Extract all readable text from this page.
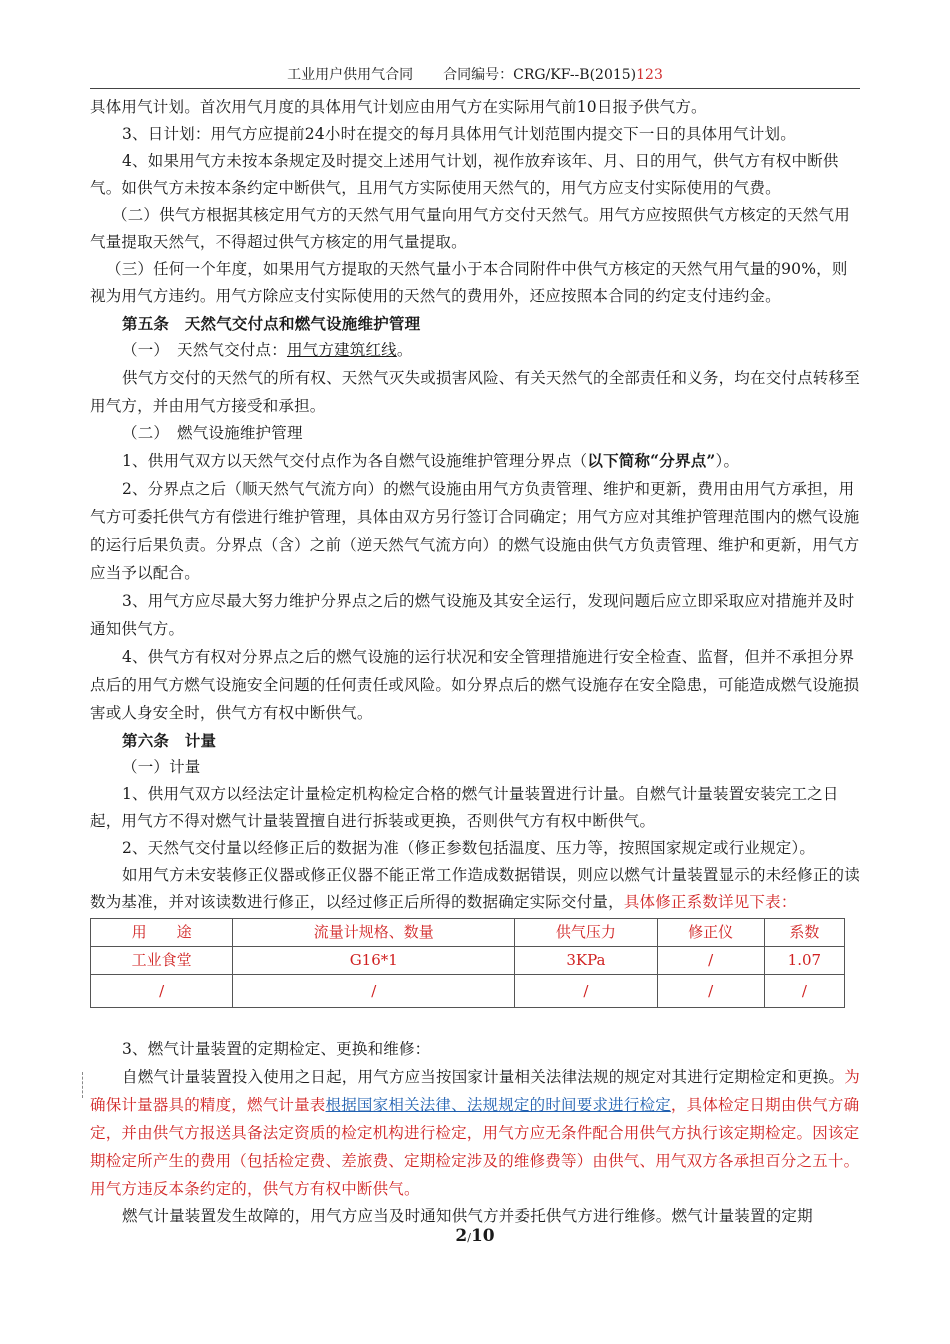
工业用户供用气合同 合同编号：CRG/KF--B(2015)123

具体用气计划。首次用气月度的具体用气计划应由用气方在实际用气前10日报予供气方。

3、日计划：用气方应提前24小时在提交的每月具体用气计划范围内提交下一日的具体用气计划。

4、如果用气方未按本条规定及时提交上述用气计划，视作放弃该年、月、日的用气，供气方有权中断供气。如供气方未按本条约定中断供气，且用气方实际使用天然气的，用气方应支付实际使用的气费。

（二）供气方根据其核定用气方的天然气用气量向用气方交付天然气。用气方应按照供气方核定的天然气用气量提取天然气，不得超过供气方核定的用气量提取。

（三）任何一个年度，如果用气方提取的天然气量小于本合同附件中供气方核定的天然气用气量的90%，则视为用气方违约。用气方除应支付实际使用的天然气的费用外，还应按照本合同的约定支付违约金。

第五条　天然气交付点和燃气设施维护管理

（一）　天然气交付点：用气方建筑红线。

供气方交付的天然气的所有权、天然气灭失或损害风险、有关天然气的全部责任和义务，均在交付点转移至用气方，并由用气方接受和承担。

（二）　燃气设施维护管理

1、供用气双方以天然气交付点作为各自燃气设施维护管理分界点（以下简称“分界点”）。

2、分界点之后（顺天然气气流方向）的燃气设施由用气方负责管理、维护和更新，费用由用气方承担，用气方可委托供气方有偿进行维护管理，具体由双方另行签订合同确定；用气方应对其维护管理范围内的燃气设施的运行后果负责。分界点（含）之前（逆天然气气流方向）的燃气设施由供气方负责管理、维护和更新，用气方应当予以配合。

3、用气方应尽最大努力维护分界点之后的燃气设施及其安全运行，发现问题后应立即采取应对措施并及时通知供气方。

4、供气方有权对分界点之后的燃气设施的运行状况和安全管理措施进行安全检查、监督，但并不承担分界点后的用气方燃气设施安全问题的任何责任或风险。如分界点后的燃气设施存在安全隐患，可能造成燃气设施损害或人身安全时，供气方有权中断供气。

第六条　计量

（一）计量

1、供用气双方以经法定计量检定机构检定合格的燃气计量装置进行计量。自燃气计量装置安装完工之日起，用气方不得对燃气计量装置擅自进行拆装或更换，否则供气方有权中断供气。

2、天然气交付量以经修正后的数据为准（修正参数包括温度、压力等，按照国家规定或行业规定）。

如用气方未安装修正仪器或修正仪器不能正常工作造成数据错误，则应以燃气计量装置显示的未经修正的读数为基准，并对该读数进行修正，以经过修正后所得的数据确定实际交付量，具体修正系数详见下表：

用　　途	流量计规格、数量	供气压力	修正仪	系数
工业食堂	G16*1	3KPa	/	1.07
/	/	/	/	/

3、燃气计量装置的定期检定、更换和维修：

自燃气计量装置投入使用之日起，用气方应当按国家计量相关法律法规的规定对其进行定期检定和更换。为确保计量器具的精度，燃气计量表根据国家相关法律、法规规定的时间要求进行检定，具体检定日期由供气方确定，并由供气方报送具备法定资质的检定机构进行检定，用气方应无条件配合用供气方执行该定期检定。因该定期检定所产生的费用（包括检定费、差旅费、定期检定涉及的维修费等）由供气、用气双方各承担百分之五十。用气方违反本条约定的，供气方有权中断供气。

燃气计量装置发生故障的，用气方应当及时通知供气方并委托供气方进行维修。燃气计量装置的定期

2/10
